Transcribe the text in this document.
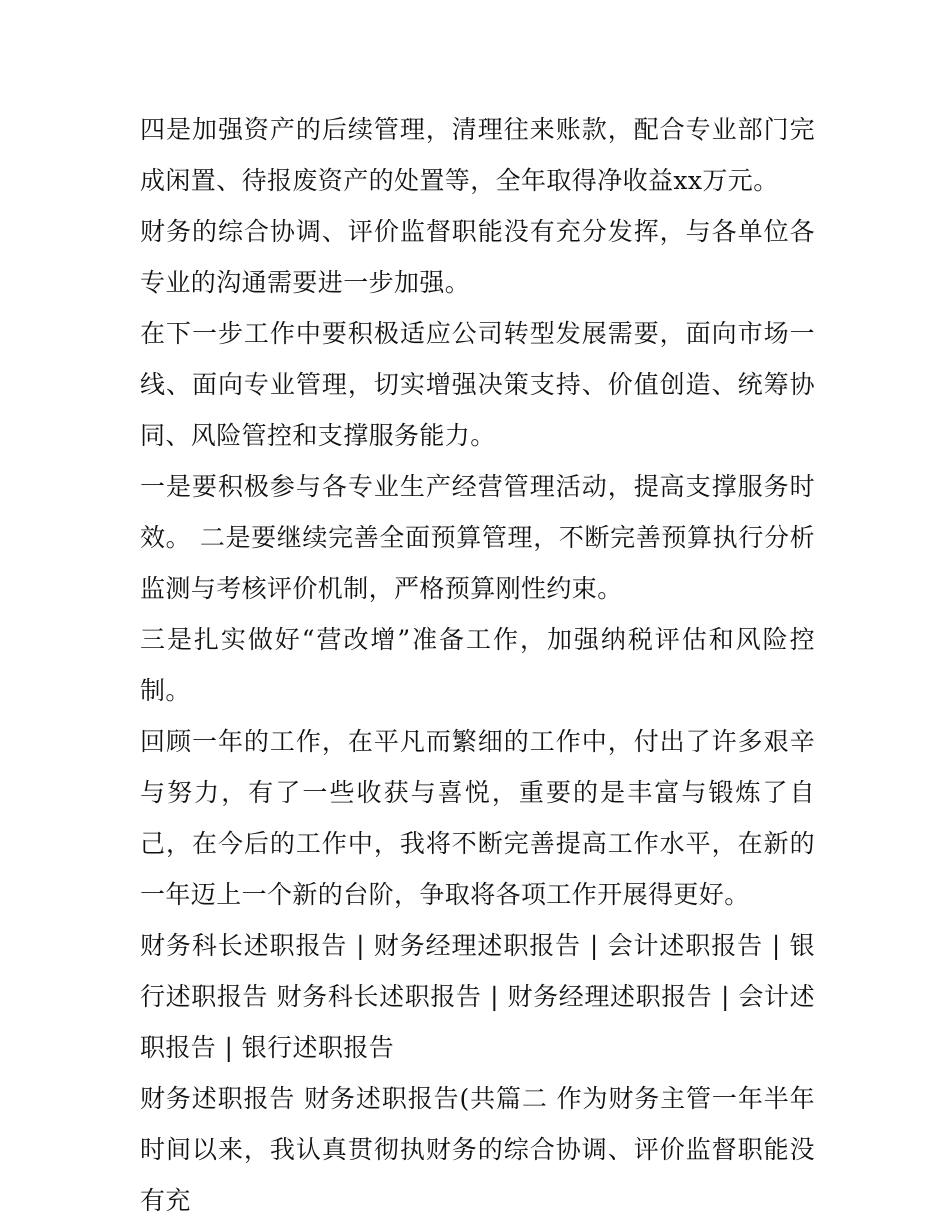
四是加强资产的后续管理，清理往来账款，配合专业部门完成闲置、待报废资产的处置等，全年取得净收益xx万元。

财务的综合协调、评价监督职能没有充分发挥，与各单位各专业的沟通需要进一步加强。

在下一步工作中要积极适应公司转型发展需要，面向市场一线、面向专业管理，切实增强决策支持、价值创造、统筹协同、风险管控和支撑服务能力。

一是要积极参与各专业生产经营管理活动，提高支撑服务时效。 二是要继续完善全面预算管理，不断完善预算执行分析监测与考核评价机制，严格预算刚性约束。

三是扎实做好“营改增”准备工作，加强纳税评估和风险控制。

回顾一年的工作，在平凡而繁细的工作中，付出了许多艰辛与努力，有了一些收获与喜悦，重要的是丰富与锻炼了自己，在今后的工作中，我将不断完善提高工作水平，在新的一年迈上一个新的台阶，争取将各项工作开展得更好。

财务科长述职报告 | 财务经理述职报告 | 会计述职报告 | 银行述职报告 财务科长述职报告 | 财务经理述职报告 | 会计述职报告 | 银行述职报告

财务述职报告 财务述职报告(共篇二 作为财务主管一年半年时间以来，我认真贯彻执财务的综合协调、评价监督职能没有充
